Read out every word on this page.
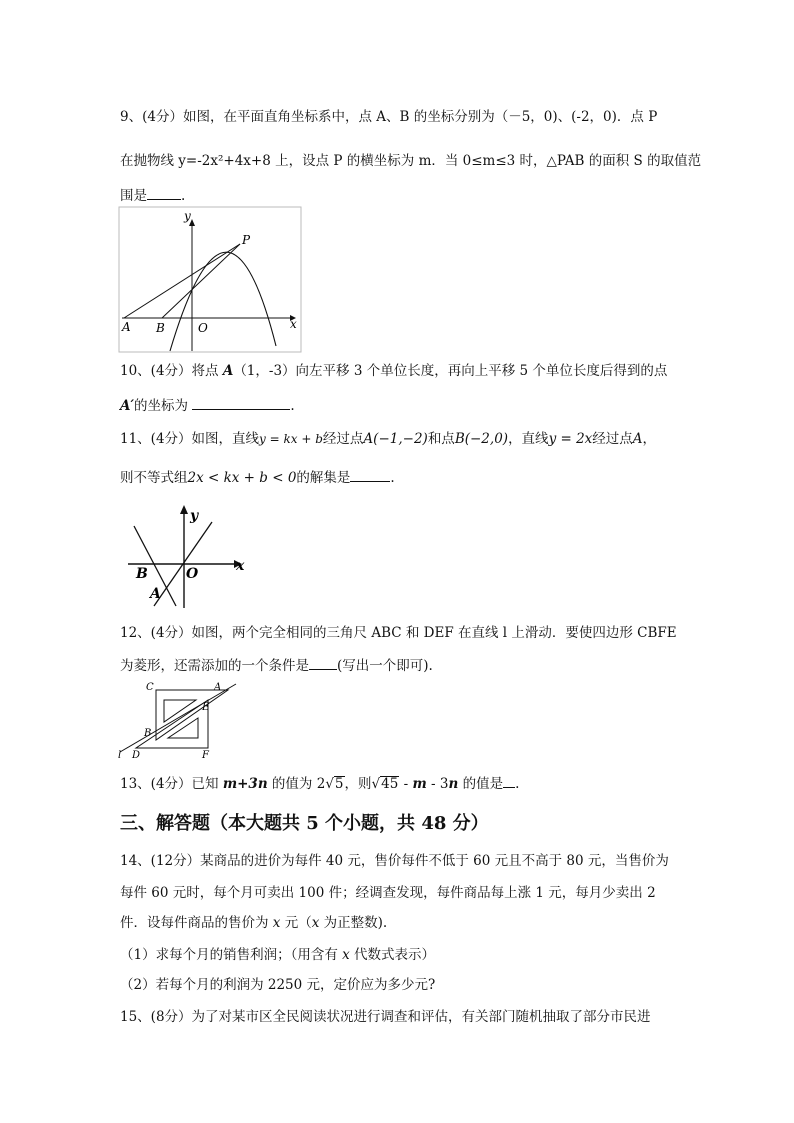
9、(4分）如图，在平面直角坐标系中，点 A、B 的坐标分别为（－5，0)、(-2，0)．点 P
在抛物线 y=-2x²+4x+8 上，设点 P 的横坐标为 m．当 0≤m≤3 时，△PAB 的面积 S 的取值范
围是	.
y
P
A B	O	x
10、(4分）将点 A（1，-3）向左平移 3 个单位长度，再向上平移 5 个单位长度后得到的点
A′的坐标为	.
11、(4分）如图，直线y = kx + b经过点A(−1,−2)和点B(−2,0)，直线y = 2x经过点A，
则不等式组2x < kx + b < 0的解集是	.
y
x
B	O
A
12、(4分）如图，两个完全相同的三角尺 ABC 和 DEF 在直线 l 上滑动．要使四边形 CBFE
为菱形，还需添加的一个条件是 (写出一个即可).
C	A
E
B
l D	F
13、(4分）已知 m+3n 的值为 2√5，则√45 - m - 3n 的值是 .
三、解答题（本大题共 5 个小题，共 48 分）
14、(12分）某商品的进价为每件 40 元，售价每件不低于 60 元且不高于 80 元，当售价为
每件 60 元时，每个月可卖出 100 件；经调查发现，每件商品每上涨 1 元，每月少卖出 2
件．设每件商品的售价为 x 元（x 为正整数).
（1）求每个月的销售利润；（用含有 x 代数式表示）
（2）若每个月的利润为 2250 元，定价应为多少元?
15、(8分）为了对某市区全民阅读状况进行调查和评估，有关部门随机抽取了部分市民进
